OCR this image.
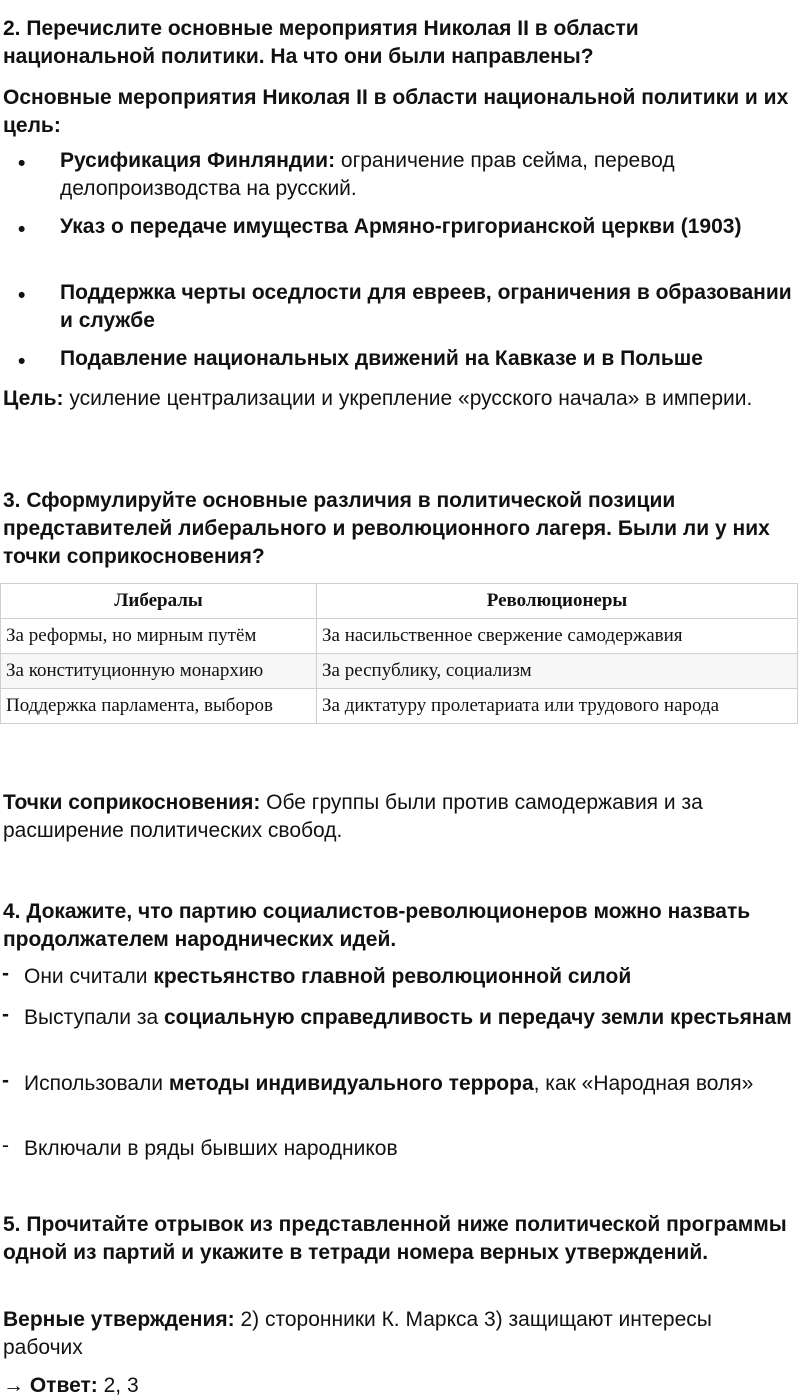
2. Перечислите основные мероприятия Николая II в области национальной политики. На что они были направлены?
Основные мероприятия Николая II в области национальной политики и их цель:
• Русификация Финляндии: ограничение прав сейма, перевод делопроизводства на русский.
• Указ о передаче имущества Армяно-григорианской церкви (1903)
• Поддержка черты оседлости для евреев, ограничения в образовании и службе
• Подавление национальных движений на Кавказе и в Польше
Цель: усиление централизации и укрепление «русского начала» в империи.
3. Сформулируйте основные различия в политической позиции представителей либерального и революционного лагеря. Были ли у них точки соприкосновения?
Либералы	Революционеры
За реформы, но мирным путём	За насильственное свержение самодержавия
За конституционную монархию	За республику, социализм
Поддержка парламента, выборов	За диктатуру пролетариата или трудового народа
Точки соприкосновения: Обе группы были против самодержавия и за расширение политических свобод.
4. Докажите, что партию социалистов-революционеров можно назвать продолжателем народнических идей.
- Они считали крестьянство главной революционной силой
- Выступали за социальную справедливость и передачу земли крестьянам
- Использовали методы индивидуального террора, как «Народная воля»
- Включали в ряды бывших народников
5. Прочитайте отрывок из представленной ниже политической программы одной из партий и укажите в тетради номера верных утверждений.
Верные утверждения: 2) сторонники К. Маркса 3) защищают интересы рабочих
→ Ответ: 2, 3
